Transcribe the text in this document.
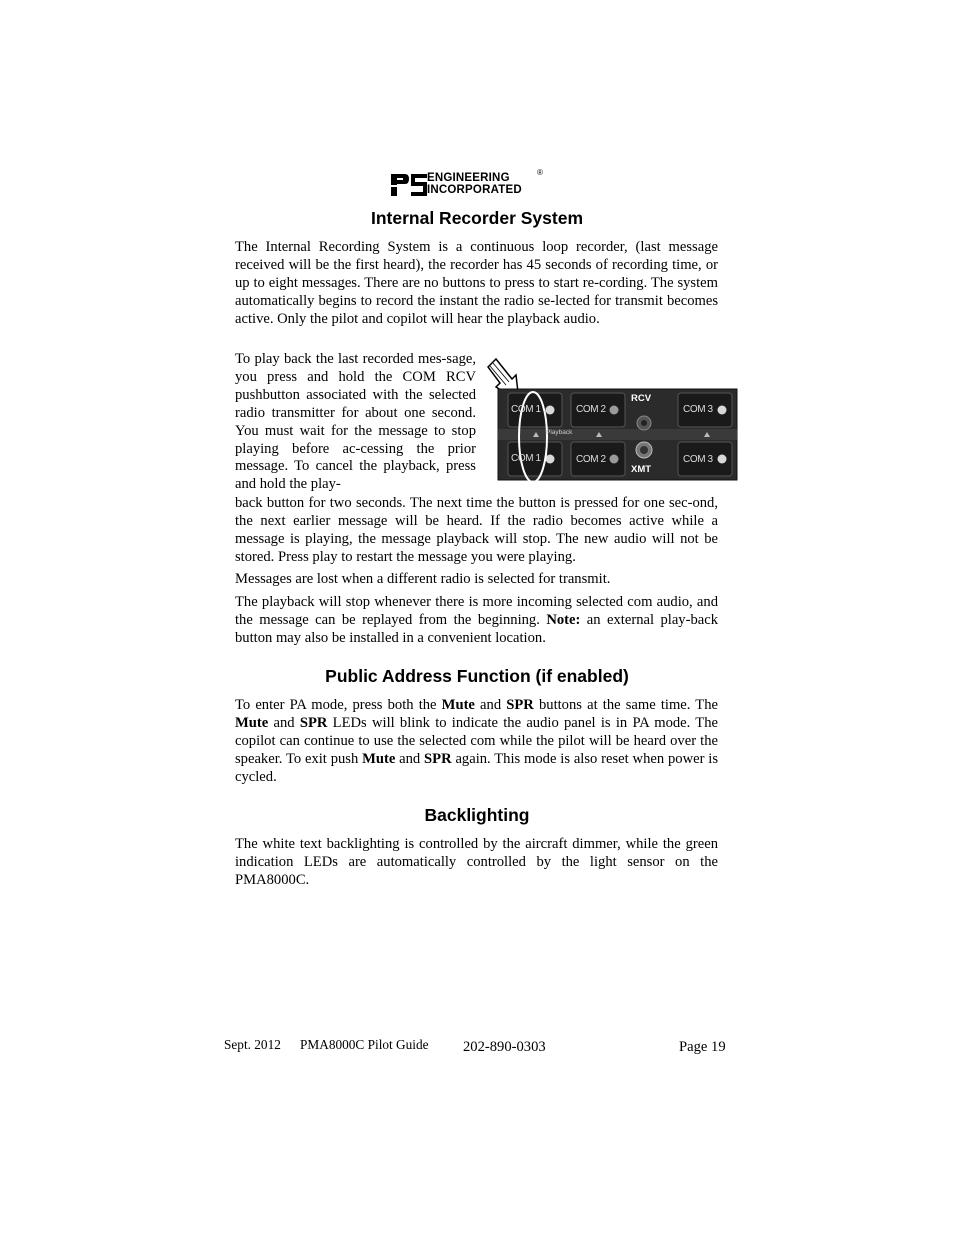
ENGINEERING
INCORPORATED
®
Internal Recorder System

The Internal Recording System is a continuous loop recorder, (last message received will be the first heard), the recorder has 45 seconds of recording time, or up to eight messages. There are no buttons to press to start re-cording. The system automatically begins to record the instant the radio se-lected for transmit becomes active. Only the pilot and copilot will hear the playback audio.

To play back the last recorded mes-sage, you press and hold the COM RCV pushbutton associated with the selected radio transmitter for about one second. You must wait for the message to stop playing before ac-cessing the prior message. To cancel the playback, press and hold the play-

back button for two seconds. The next time the button is pressed for one sec-ond, the next earlier message will be heard. If the radio becomes active while a message is playing, the message playback will stop. The new audio will not be stored. Press play to restart the message you were playing.

Messages are lost when a different radio is selected for transmit.

The playback will stop whenever there is more incoming selected com audio, and the message can be replayed from the beginning. Note: an external play-back button may also be installed in a convenient location.

RCV
XMT
Playback
COM 1	COM 2	COM 3
COM 1	COM 2	COM 3
Public Address Function (if enabled)

To enter PA mode, press both the Mute and SPR buttons at the same time. The Mute and SPR LEDs will blink to indicate the audio panel is in PA mode. The copilot can continue to use the selected com while the pilot will be heard over the speaker. To exit push Mute and SPR again. This mode is also reset when power is cycled.

Backlighting

The white text backlighting is controlled by the aircraft dimmer, while the green indication LEDs are automatically controlled by the light sensor on the PMA8000C.

Sept. 2012 PMA8000C Pilot Guide 202-890-0303	Page 19
